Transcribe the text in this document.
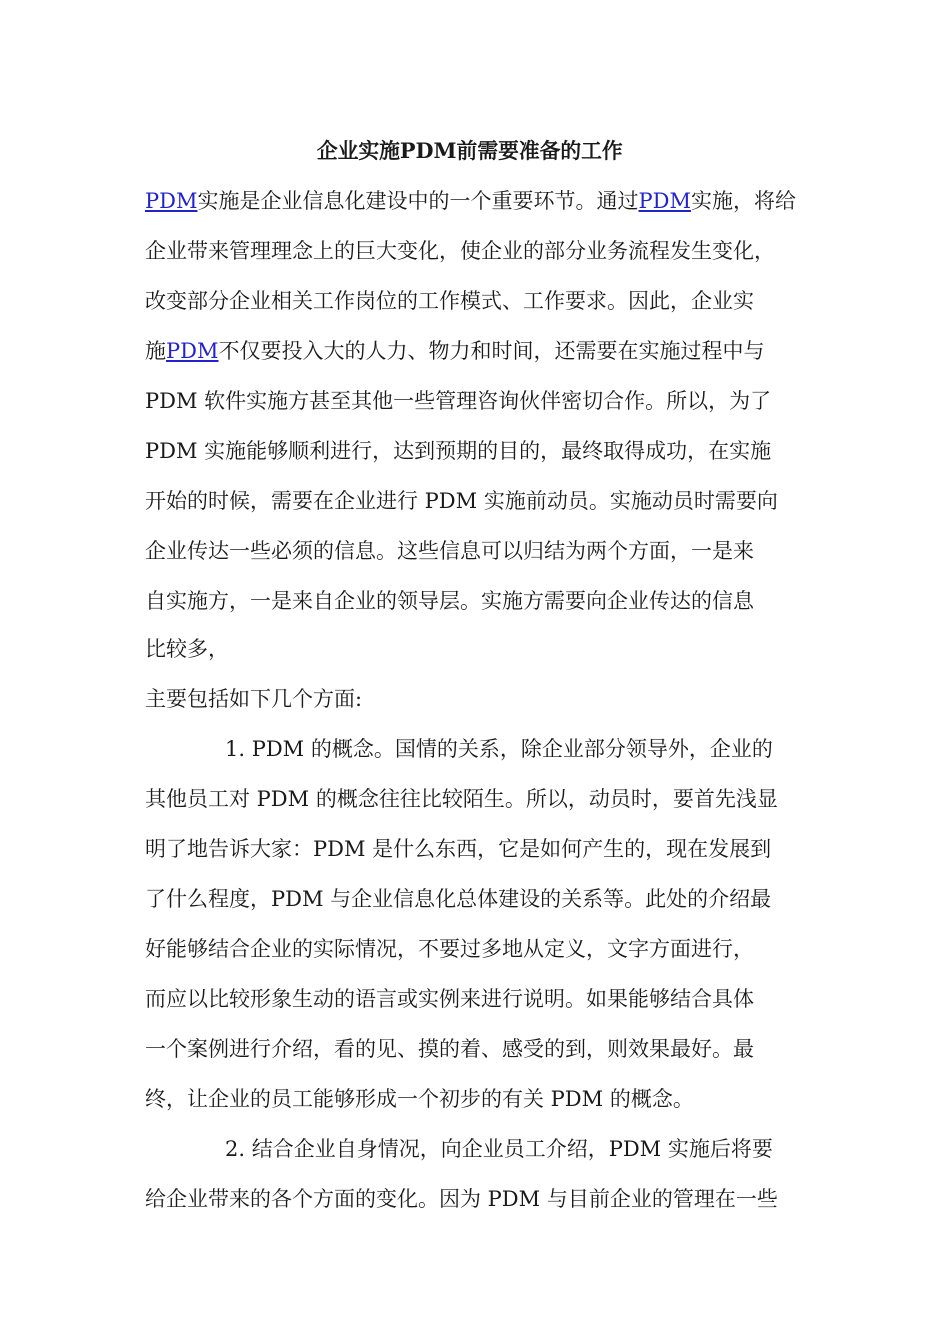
企业实施PDM前需要准备的工作
PDM实施是企业信息化建设中的一个重要环节。通过PDM实施，将给
企业带来管理理念上的巨大变化，使企业的部分业务流程发生变化，
改变部分企业相关工作岗位的工作模式、工作要求。因此，企业实
施PDM不仅要投入大的人力、物力和时间，还需要在实施过程中与
PDM 软件实施方甚至其他一些管理咨询伙伴密切合作。所以，为了
PDM 实施能够顺利进行，达到预期的目的，最终取得成功，在实施
开始的时候，需要在企业进行 PDM 实施前动员。实施动员时需要向
企业传达一些必须的信息。这些信息可以归结为两个方面，一是来
自实施方，一是来自企业的领导层。实施方需要向企业传达的信息
比较多，
主要包括如下几个方面:
1. PDM 的概念。国情的关系，除企业部分领导外，企业的
其他员工对 PDM 的概念往往比较陌生。所以，动员时，要首先浅显
明了地告诉大家：PDM 是什么东西，它是如何产生的，现在发展到
了什么程度，PDM 与企业信息化总体建设的关系等。此处的介绍最
好能够结合企业的实际情况，不要过多地从定义，文字方面进行，
而应以比较形象生动的语言或实例来进行说明。如果能够结合具体
一个案例进行介绍，看的见、摸的着、感受的到，则效果最好。最
终，让企业的员工能够形成一个初步的有关 PDM 的概念。
2. 结合企业自身情况，向企业员工介绍，PDM 实施后将要
给企业带来的各个方面的变化。因为 PDM 与目前企业的管理在一些
